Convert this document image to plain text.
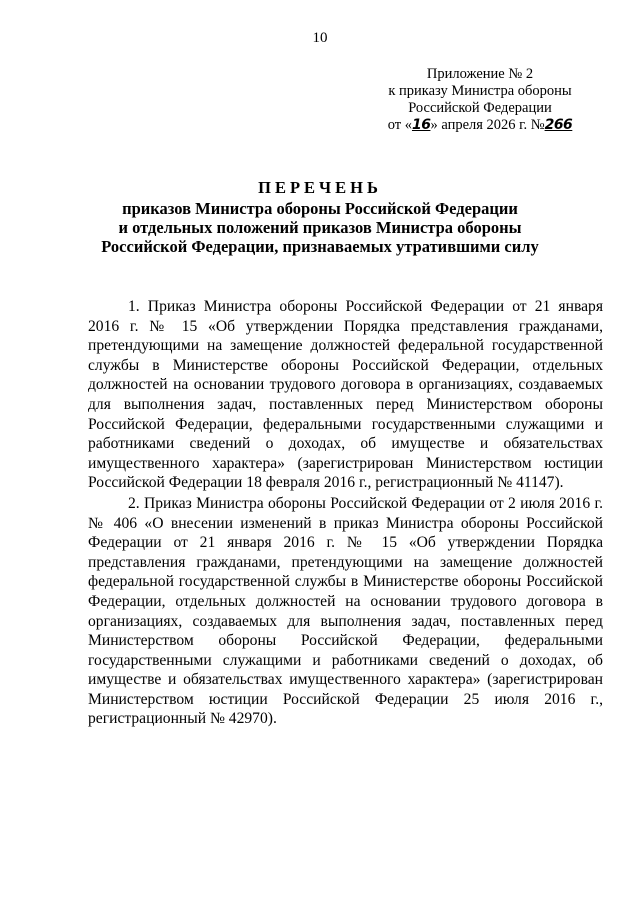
10
Приложение № 2
к приказу Министра обороны
Российской Федерации
от «16» апреля 2026 г. №266
ПЕРЕЧЕНЬ
приказов Министра обороны Российской Федерации
и отдельных положений приказов Министра обороны
Российской Федерации, признаваемых утратившими силу

1. Приказ Министра обороны Российской Федерации от 21 января 2016 г. № 15 «Об утверждении Порядка представления гражданами, претендующими на замещение должностей федеральной государственной службы в Министерстве обороны Российской Федерации, отдельных должностей на основании трудового договора в организациях, создаваемых для выполнения задач, поставленных перед Министерством обороны Российской Федерации, федеральными государственными служащими и работниками сведений о доходах, об имуществе и обязательствах имущественного характера» (зарегистрирован Министерством юстиции Российской Федерации 18 февраля 2016 г., регистрационный № 41147).

2. Приказ Министра обороны Российской Федерации от 2 июля 2016 г. № 406 «О внесении изменений в приказ Министра обороны Российской Федерации от 21 января 2016 г. № 15 «Об утверждении Порядка представления гражданами, претендующими на замещение должностей федеральной государственной службы в Министерстве обороны Российской Федерации, отдельных должностей на основании трудового договора в организациях, создаваемых для выполнения задач, поставленных перед Министерством обороны Российской Федерации, федеральными государственными служащими и работниками сведений о доходах, об имуществе и обязательствах имущественного характера» (зарегистрирован Министерством юстиции Российской Федерации 25 июля 2016 г., регистрационный № 42970).
